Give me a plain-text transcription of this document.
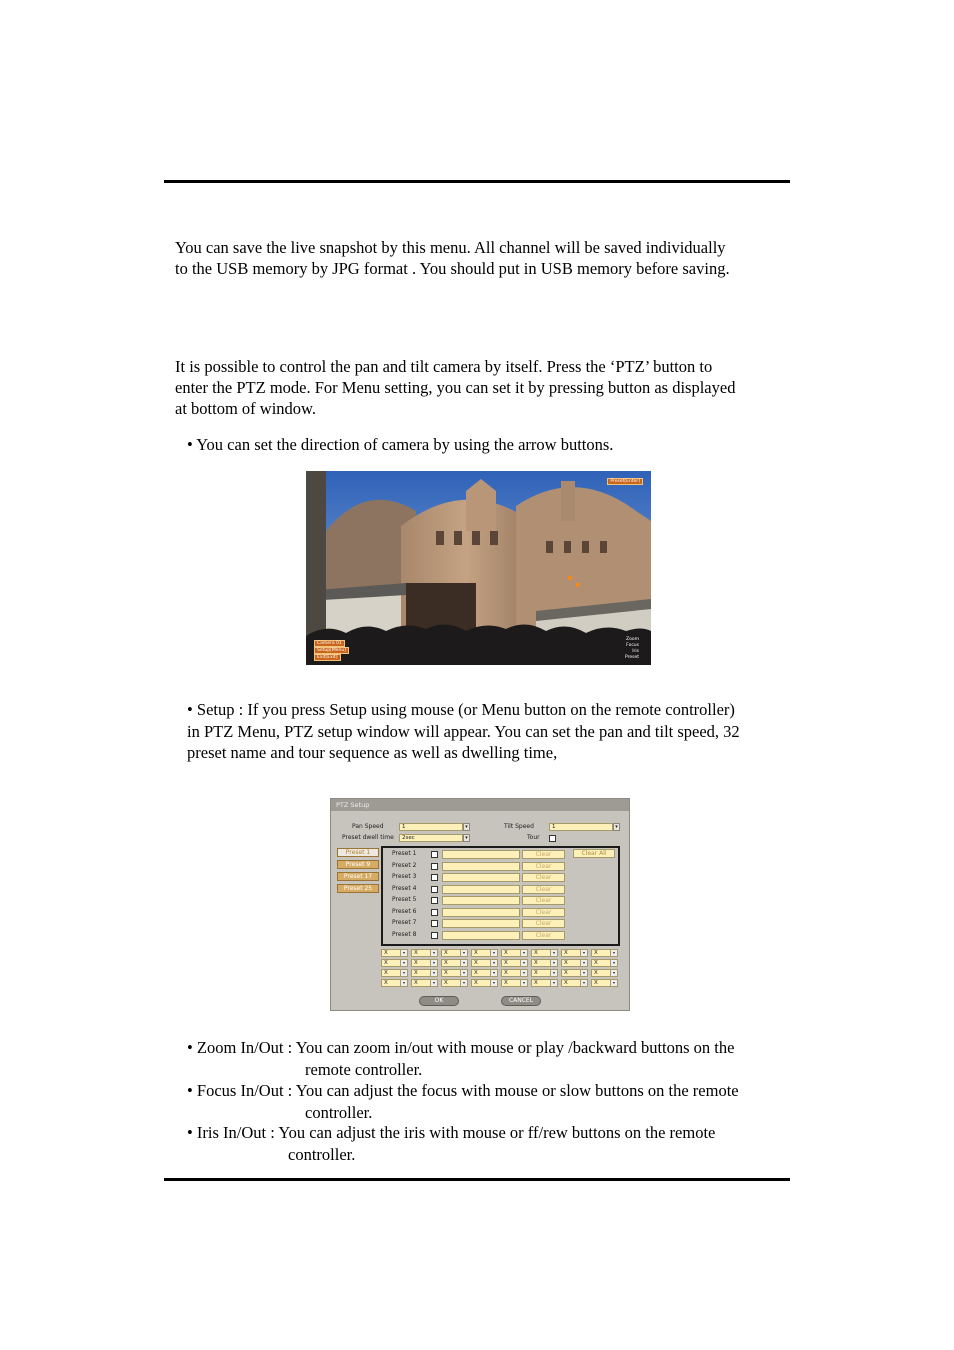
You can save the live snapshot by this menu. All channel will be saved individually
to the USB memory by JPG format . You should put in USB memory before saving.
It is possible to control the pan and tilt camera by itself. Press the ‘PTZ’ button to
enter the PTZ mode. For Menu setting, you can set it by pressing button as displayed
at bottom of window.
• You can set the direction of camera by using the arrow buttons.
Preset[Enter]
Camera 01
Setup[Menu]
Exit[Exit]
Zoom
Focus
Iris
Preset
• Setup : If you press Setup using mouse (or Menu button on the remote controller)
in PTZ Menu, PTZ setup window will appear. You can set the pan and tilt speed, 32
preset name and tour sequence as well as dwelling time,
PTZ Setup
Pan Speed	1	▾	Tilt Speed	1	▾
Preset dwell time	2sec	▾	Tour
Preset 1
Preset 9
Preset 17
Preset 25
Clear All
Preset 1	Clear
Preset 2	Clear
Preset 3	Clear
Preset 4	Clear
Preset 5	Clear
Preset 6	Clear
Preset 7	Clear
Preset 8	Clear
X	▾	X	▾	X	▾	X	▾	X	▾	X	▾	X	▾	X	▾
X	▾	X	▾	X	▾	X	▾	X	▾	X	▾	X	▾	X	▾
X	▾	X	▾	X	▾	X	▾	X	▾	X	▾	X	▾	X	▾
X	▾	X	▾	X	▾	X	▾	X	▾	X	▾	X	▾	X	▾
OK	CANCEL
• Zoom In/Out : You can zoom in/out with mouse or play /backward buttons on the
remote controller.
• Focus In/Out : You can adjust the focus with mouse or slow buttons on the remote
controller.
• Iris In/Out : You can adjust the iris with mouse or ff/rew buttons on the remote
controller.
